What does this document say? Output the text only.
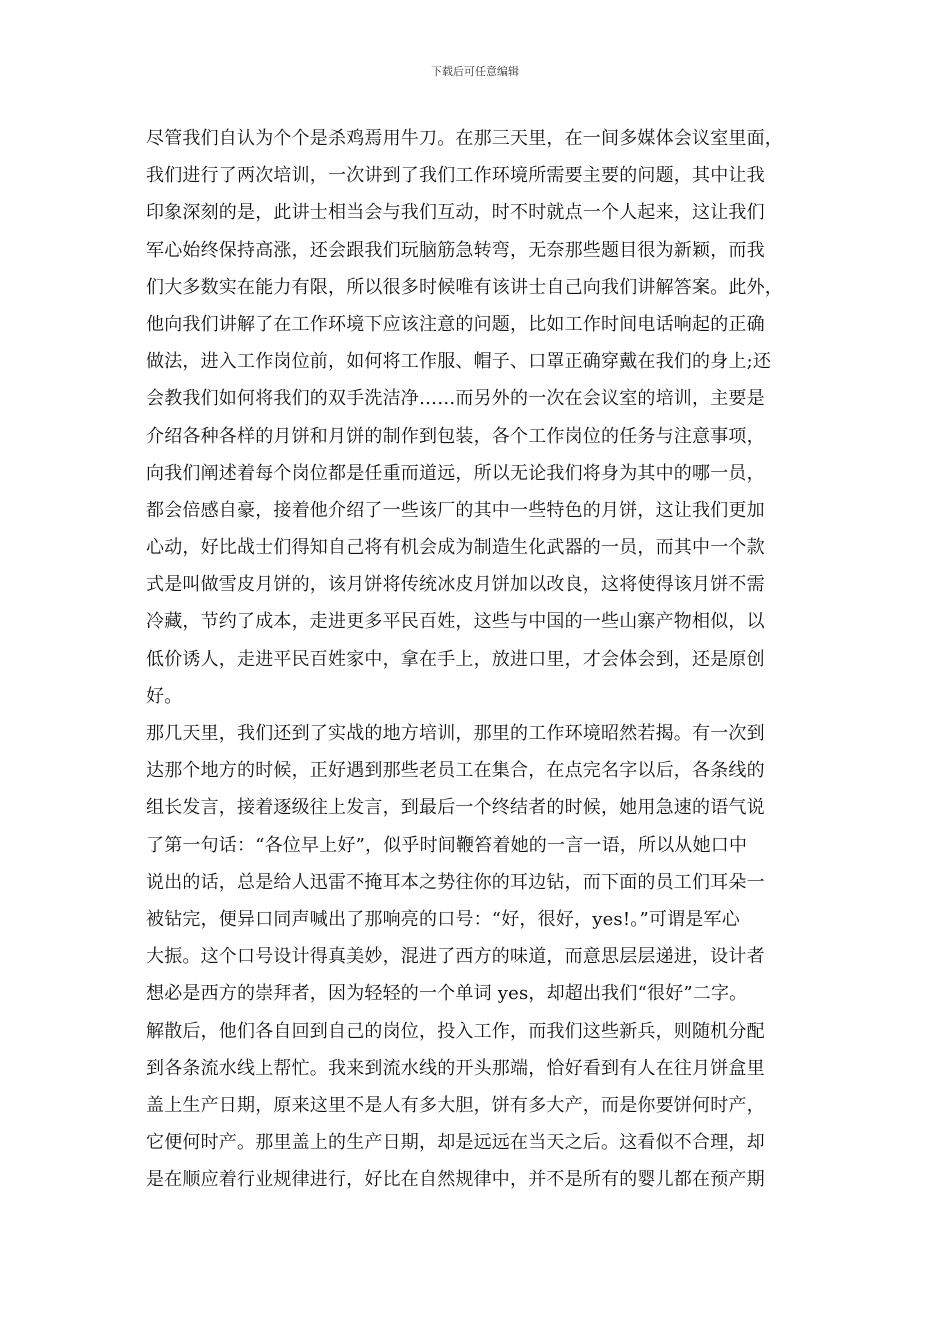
下载后可任意编辑
尽管我们自认为个个是杀鸡焉用牛刀。在那三天里，在一间多媒体会议室里面，
我们进行了两次培训，一次讲到了我们工作环境所需要主要的问题，其中让我
印象深刻的是，此讲士相当会与我们互动，时不时就点一个人起来，这让我们
军心始终保持高涨，还会跟我们玩脑筋急转弯，无奈那些题目很为新颖，而我
们大多数实在能力有限，所以很多时候唯有该讲士自己向我们讲解答案。此外，
他向我们讲解了在工作环境下应该注意的问题，比如工作时间电话响起的正确
做法，进入工作岗位前，如何将工作服、帽子、口罩正确穿戴在我们的身上;还
会教我们如何将我们的双手洗洁净……而另外的一次在会议室的培训，主要是
介绍各种各样的月饼和月饼的制作到包装，各个工作岗位的任务与注意事项，
向我们阐述着每个岗位都是任重而道远，所以无论我们将身为其中的哪一员，
都会倍感自豪，接着他介绍了一些该厂的其中一些特色的月饼，这让我们更加
心动，好比战士们得知自己将有机会成为制造生化武器的一员，而其中一个款
式是叫做雪皮月饼的，该月饼将传统冰皮月饼加以改良，这将使得该月饼不需
冷藏，节约了成本，走进更多平民百姓，这些与中国的一些山寨产物相似，以
低价诱人，走进平民百姓家中，拿在手上，放进口里，才会体会到，还是原创
好。
那几天里，我们还到了实战的地方培训，那里的工作环境昭然若揭。有一次到
达那个地方的时候，正好遇到那些老员工在集合，在点完名字以后，各条线的
组长发言，接着逐级往上发言，到最后一个终结者的时候，她用急速的语气说
了第一句话：“各位早上好”，似乎时间鞭笞着她的一言一语，所以从她口中
说出的话，总是给人迅雷不掩耳本之势往你的耳边钻，而下面的员工们耳朵一
被钻完，便异口同声喊出了那响亮的口号：“好，很好，yes!。”可谓是军心
大振。这个口号设计得真美妙，混进了西方的味道，而意思层层递进，设计者
想必是西方的崇拜者，因为轻轻的一个单词 yes，却超出我们“很好”二字。
解散后，他们各自回到自己的岗位，投入工作，而我们这些新兵，则随机分配
到各条流水线上帮忙。我来到流水线的开头那端，恰好看到有人在往月饼盒里
盖上生产日期，原来这里不是人有多大胆，饼有多大产，而是你要饼何时产，
它便何时产。那里盖上的生产日期，却是远远在当天之后。这看似不合理，却
是在顺应着行业规律进行，好比在自然规律中，并不是所有的婴儿都在预产期
